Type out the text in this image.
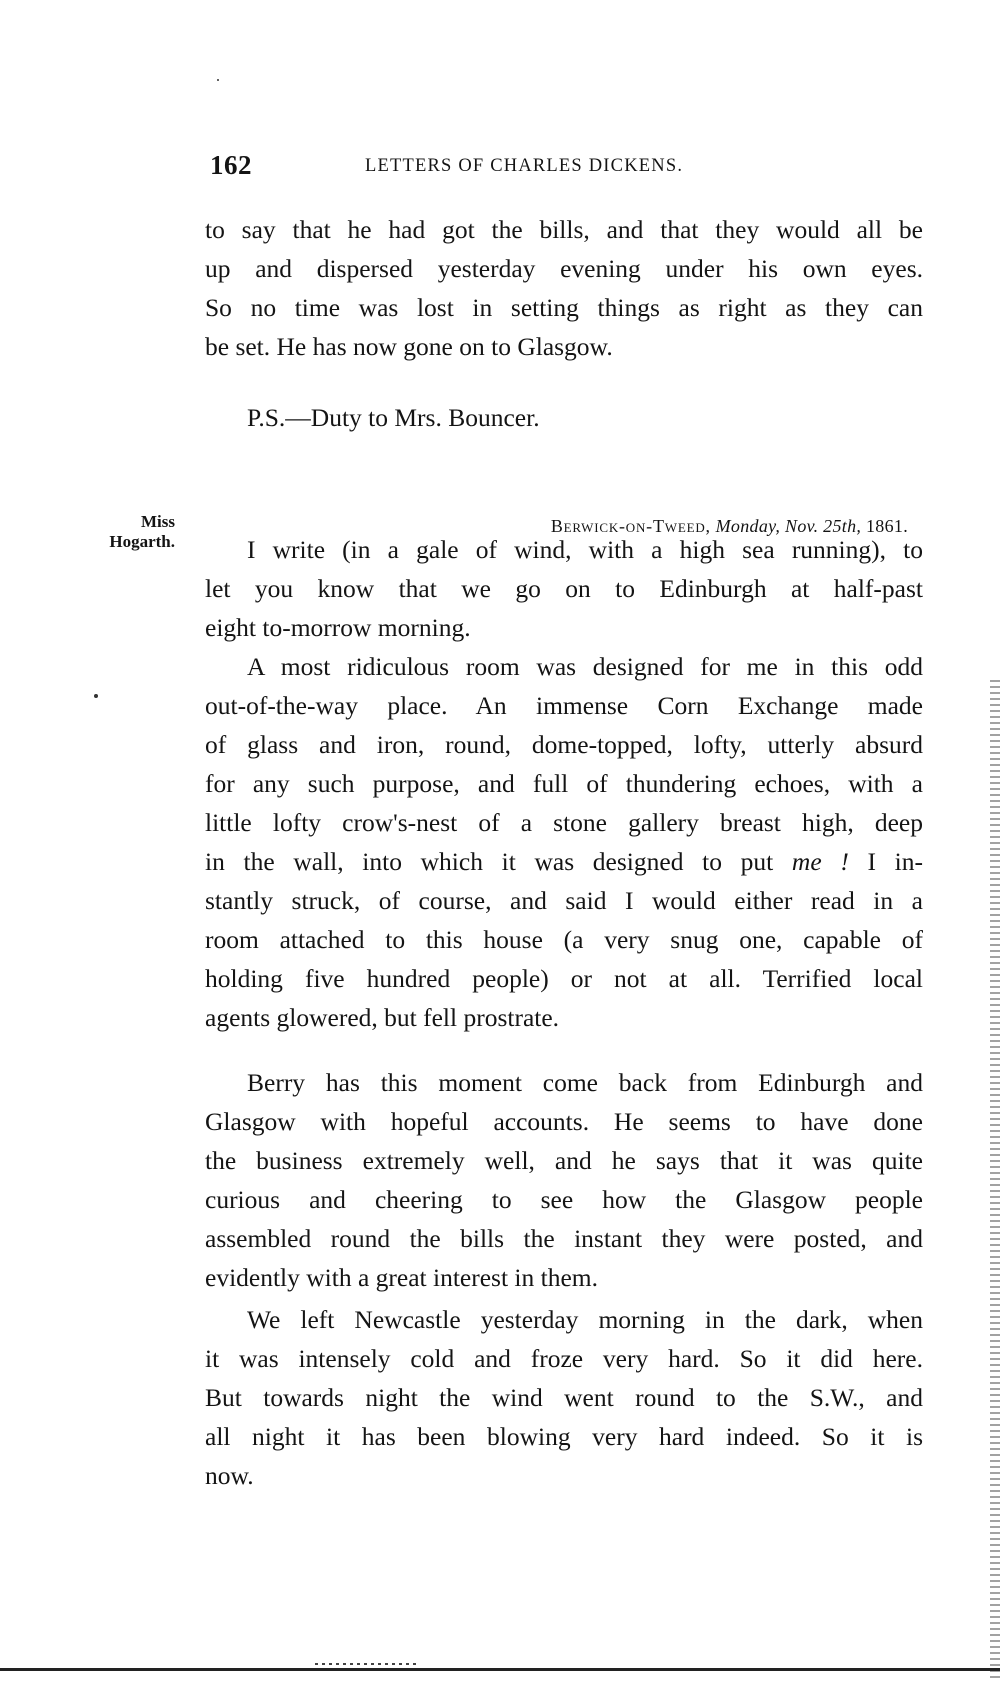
162	LETTERS OF CHARLES DICKENS.

to say that he had got the bills, and that they would all be
up and dispersed yesterday evening under his own eyes.
So no time was lost in setting things as right as they can
be set. He has now gone on to Glasgow.

P.S.—Duty to Mrs. Bouncer.
Miss
Hogarth.
Berwick-on-Tweed, Monday, Nov. 25th, 1861.

I write (in a gale of wind, with a high sea running), to
let you know that we go on to Edinburgh at half-past
eight to-morrow morning.

A most ridiculous room was designed for me in this odd
out-of-the-way place. An immense Corn Exchange made
of glass and iron, round, dome-topped, lofty, utterly absurd
for any such purpose, and full of thundering echoes, with a
little lofty crow's-nest of a stone gallery breast high, deep
in the wall, into which it was designed to put me ! I in-
stantly struck, of course, and said I would either read in a
room attached to this house (a very snug one, capable of
holding five hundred people) or not at all. Terrified local
agents glowered, but fell prostrate.

Berry has this moment come back from Edinburgh and
Glasgow with hopeful accounts. He seems to have done
the business extremely well, and he says that it was quite
curious and cheering to see how the Glasgow people
assembled round the bills the instant they were posted, and
evidently with a great interest in them.

We left Newcastle yesterday morning in the dark, when
it was intensely cold and froze very hard. So it did here.
But towards night the wind went round to the S.W., and
all night it has been blowing very hard indeed. So it is
now.
